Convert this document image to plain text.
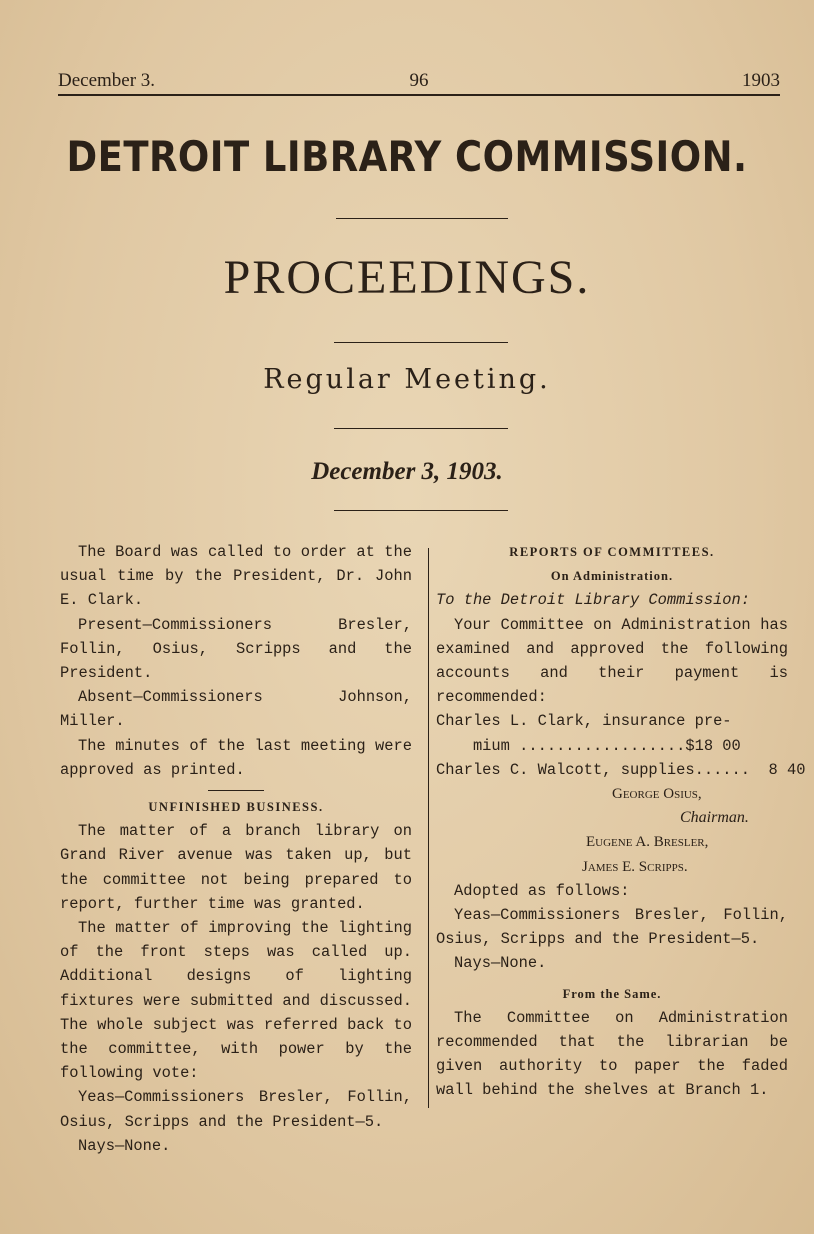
December 3.	96	1903
DETROIT LIBRARY COMMISSION.
PROCEEDINGS.
Regular Meeting.
December 3, 1903.

The Board was called to order at the usual time by the President, Dr. John E. Clark.

Present—Commissioners Bresler, Follin, Osius, Scripps and the President.

Absent—Commissioners Johnson, Miller.

The minutes of the last meeting were approved as printed.

UNFINISHED BUSINESS.

The matter of a branch library on Grand River avenue was taken up, but the committee not being prepared to report, further time was granted.

The matter of improving the lighting of the front steps was called up. Additional designs of lighting fixtures were submitted and discussed. The whole subject was referred back to the committee, with power by the following vote:

Yeas—Commissioners Bresler, Follin, Osius, Scripps and the President—5.

Nays—None.

REPORTS OF COMMITTEES.

On Administration.

To the Detroit Library Commission:

Your Committee on Administration has examined and approved the following accounts and their payment is recommended:

Charles L. Clark, insurance pre-

mium ..................$18 00

Charles C. Walcott, supplies......  8 40

George Osius,

Chairman.

Eugene A. Bresler,

James E. Scripps.

Adopted as follows:

Yeas—Commissioners Bresler, Follin, Osius, Scripps and the President—5.

Nays—None.

From the Same.

The Committee on Administration recommended that the librarian be given authority to paper the faded wall behind the shelves at Branch 1.
